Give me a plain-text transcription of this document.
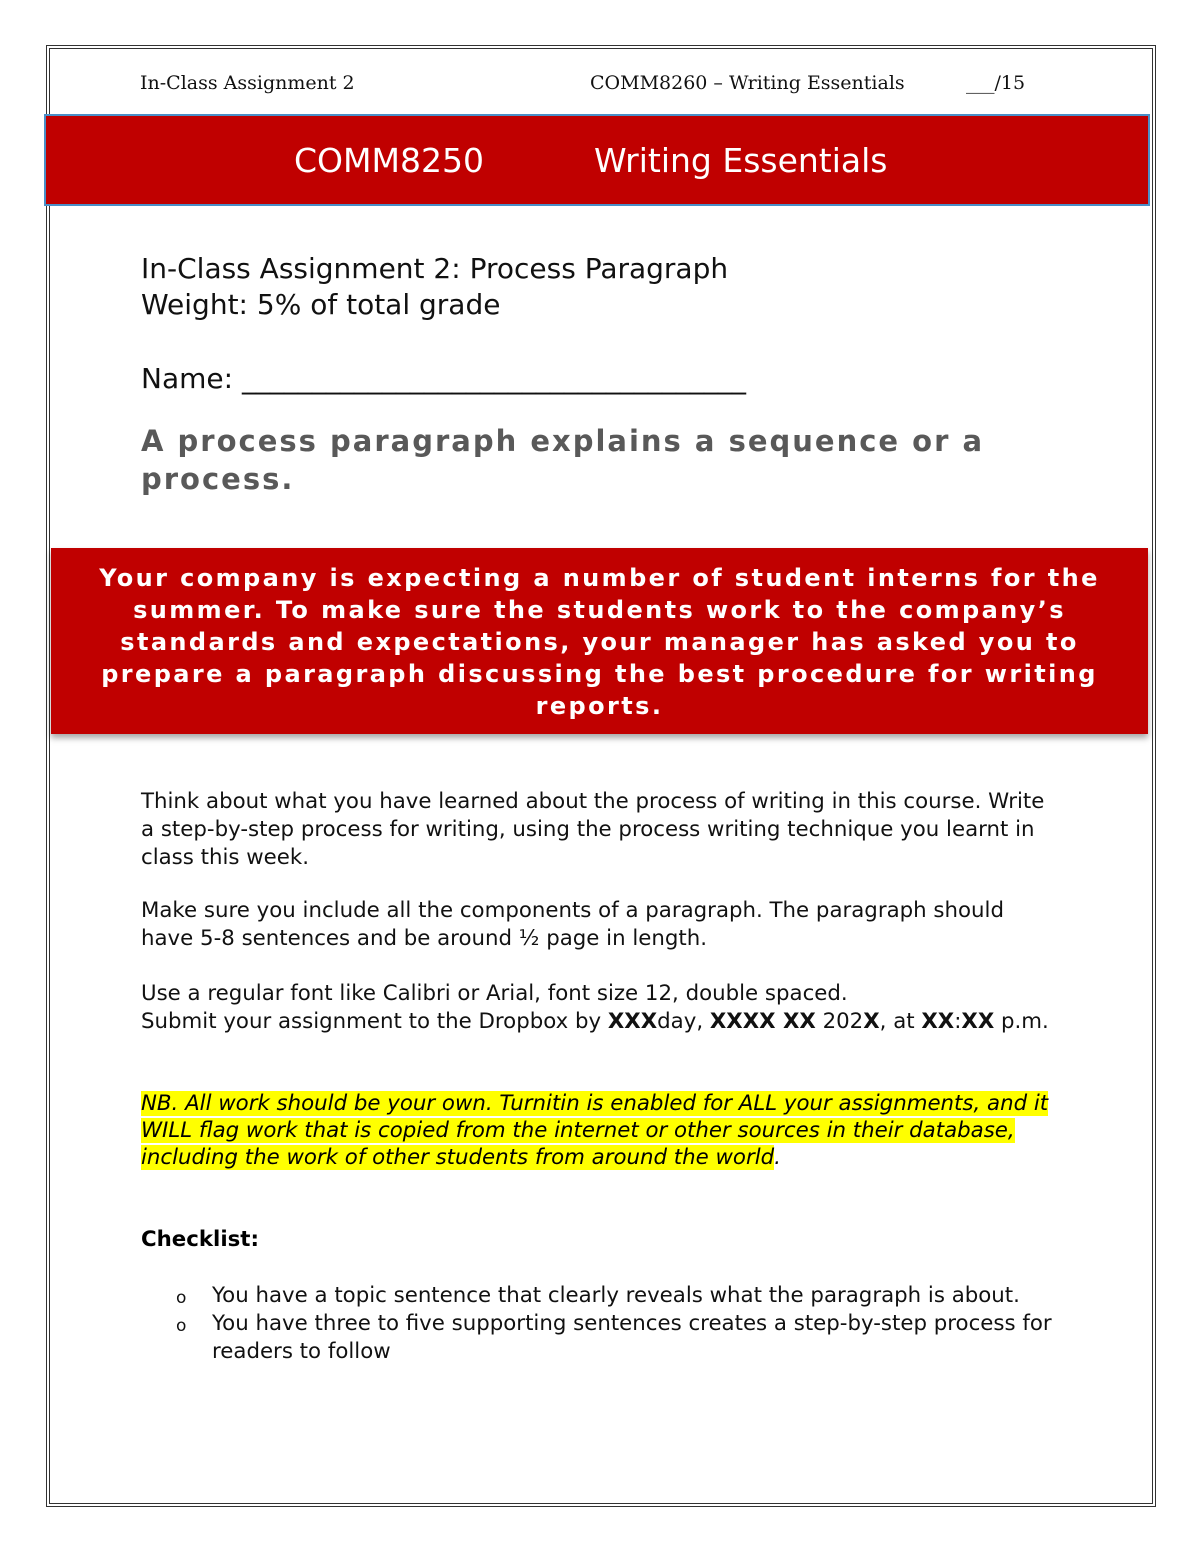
In-Class Assignment 2	COMM8260 – Writing Essentials	___/15
COMM8250	Writing Essentials
In-Class Assignment 2: Process Paragraph
Weight: 5% of total grade
Name: ____________________________________
A process paragraph explains a sequence or a process.
Your company is expecting a number of student interns for the summer. To make sure the students work to the company’s standards and expectations, your manager has asked you to prepare a paragraph discussing the best procedure for writing reports.
Think about what you have learned about the process of writing in this course. Write a step-by-step process for writing, using the process writing technique you learnt in class this week.
Make sure you include all the components of a paragraph. The paragraph should have 5-8 sentences and be around ½ page in length.
Use a regular font like Calibri or Arial, font size 12, double spaced.
Submit your assignment to the Dropbox by XXXday, XXXX XX 202X, at XX:XX p.m.
NB. All work should be your own. Turnitin is enabled for ALL your assignments, and it WILL flag work that is copied from the internet or other sources in their database, including the work of other students from around the world.
Checklist:
o You have a topic sentence that clearly reveals what the paragraph is about.
o You have three to five supporting sentences creates a step-by-step process for readers to follow
